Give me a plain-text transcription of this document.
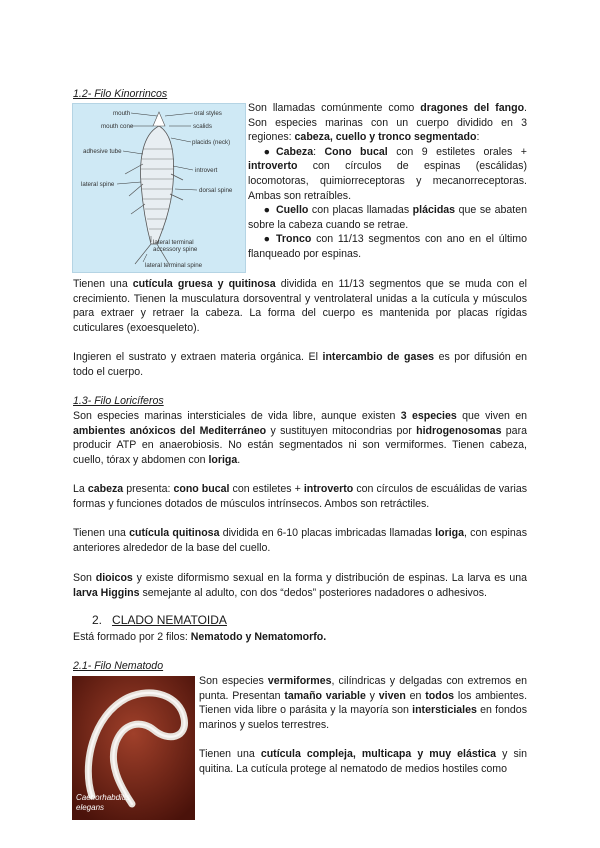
1.2- Filo Kinorrincos
mouth	oral styles
mouth cone	scalids
placids (neck)
adhesive tube
introvert
lateral spine
dorsal spine
lateral terminal
accessory spine
lateral terminal spine
Son llamadas comúnmente como dragones del fango. Son especies marinas con un cuerpo dividido en 3 regiones: cabeza, cuello y tronco segmentado:
● Cabeza: Cono bucal con 9 estiletes orales + introverto con círculos de espinas (escálidas) locomotoras, quimiorreceptoras y mecanorreceptoras. Ambas son retraíbles.
● Cuello con placas llamadas plácidas que se abaten sobre la cabeza cuando se retrae.
● Tronco con 11/13 segmentos con ano en el último flanqueado por espinas.
Tienen una cutícula gruesa y quitinosa dividida en 11/13 segmentos que se muda con el crecimiento. Tienen la musculatura dorsoventral y ventrolateral unidas a la cutícula y músculos para extraer y retraer la cabeza. La forma del cuerpo es mantenida por placas rígidas cuticulares (exoesqueleto).
Ingieren el sustrato y extraen materia orgánica. El intercambio de gases es por difusión en todo el cuerpo.
1.3- Filo Loricíferos
Son especies marinas intersticiales de vida libre, aunque existen 3 especies que viven en ambientes anóxicos del Mediterráneo y sustituyen mitocondrias por hidrogenosomas para producir ATP en anaerobiosis. No están segmentados ni son vermiformes. Tienen cabeza, cuello, tórax y abdomen con loriga.
La cabeza presenta: cono bucal con estiletes + introverto con círculos de escuálidas de varias formas y funciones dotados de músculos intrínsecos. Ambos son retráctiles.
Tienen una cutícula quitinosa dividida en 6-10 placas imbricadas llamadas loriga, con espinas anteriores alrededor de la base del cuello.
Son dioicos y existe diformismo sexual en la forma y distribución de espinas. La larva es una larva Higgins semejante al adulto, con dos “dedos” posteriores nadadores o adhesivos.
2. CLADO NEMATOIDA
Está formado por 2 filos: Nematodo y Nematomorfo.
2.1- Filo Nematodo
Caenorhabditis
elegans
Son especies vermiformes, cilíndricas y delgadas con extremos en punta. Presentan tamaño variable y viven en todos los ambientes. Tienen vida libre o parásita y la mayoría son intersticiales en fondos marinos y suelos terrestres.
Tienen una cutícula compleja, multicapa y muy elástica y sin quitina. La cutícula protege al nematodo de medios hostiles como
